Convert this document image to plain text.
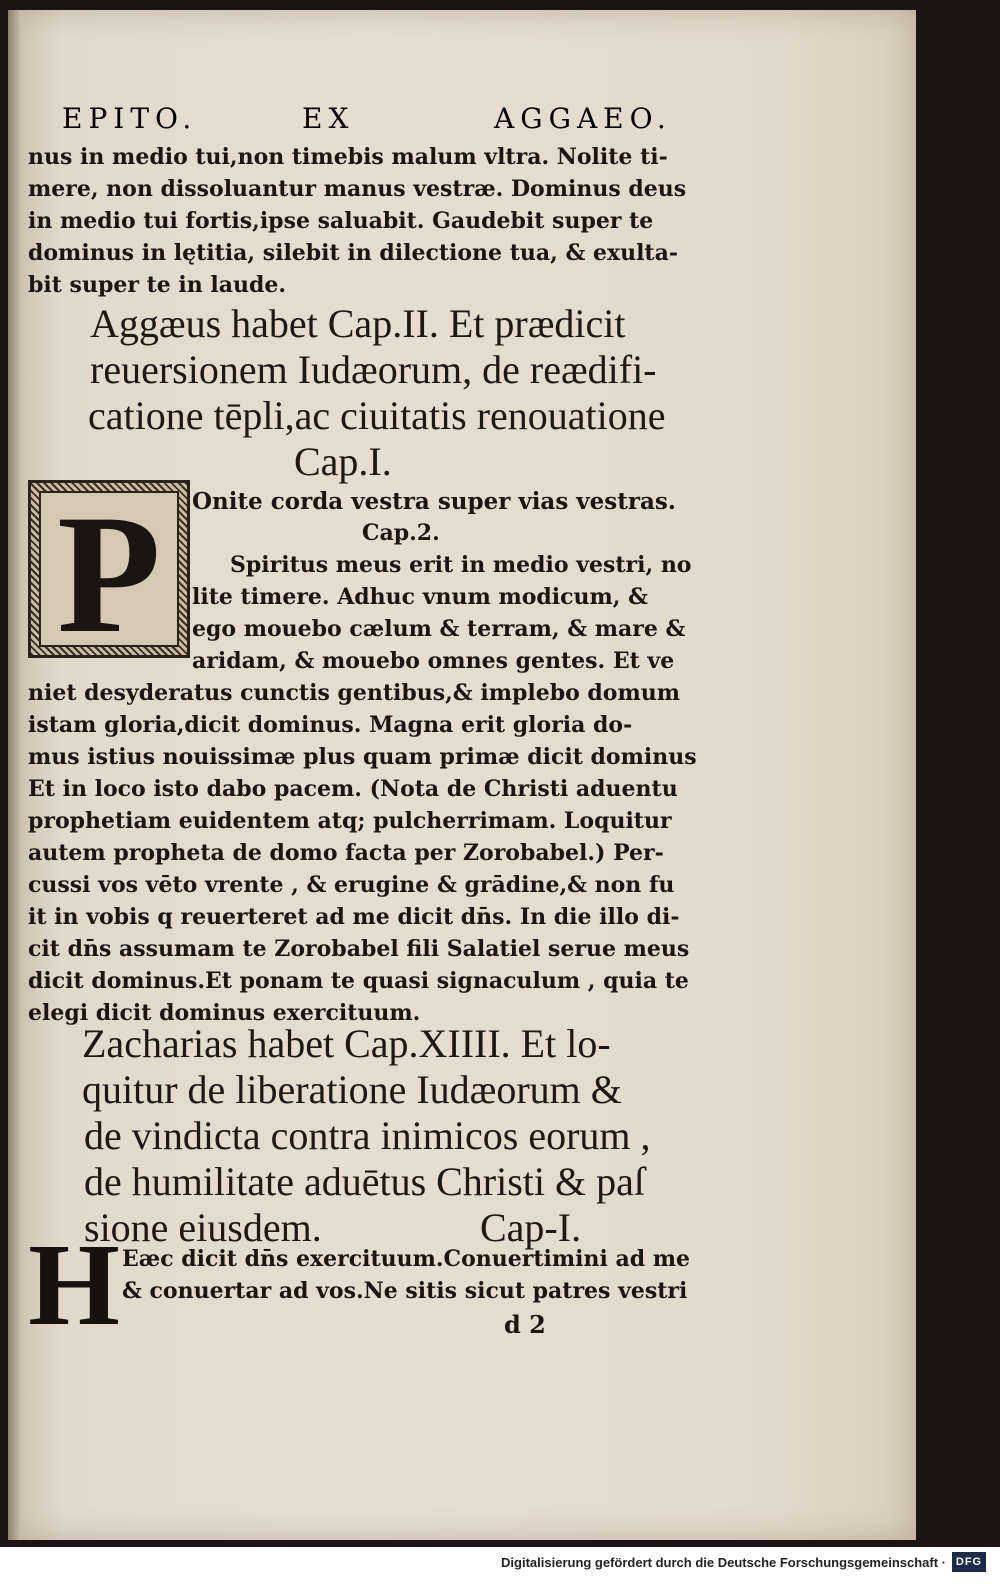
EPITO.	EX	AGGAEO.
nus in medio tui,non timebis malum vltra. Nolite ti-
mere, non dissoluantur manus vestræ. Dominus deus
in medio tui fortis,ipse saluabit. Gaudebit super te
dominus in lętitia, silebit in dilectione tua, & exulta-
bit super te in laude.
Aggæus habet Cap.II. Et prædicit
reuersionem Iudæorum, de reædifi-
catione tēpli,ac ciuitatis renouatione
Cap.I.
P	Onite corda vestra super vias vestras.
Cap.2.
Spiritus meus erit in medio vestri, no
lite timere. Adhuc vnum modicum, &
ego mouebo cælum & terram, & mare &
aridam, & mouebo omnes gentes. Et ve
niet desyderatus cunctis gentibus,& implebo domum
istam gloria,dicit dominus. Magna erit gloria do-
mus istius nouissimæ plus quam primæ dicit dominus
Et in loco isto dabo pacem. (Nota de Christi aduentu
prophetiam euidentem atq; pulcherrimam. Loquitur
autem propheta de domo facta per Zorobabel.) Per-
cussi vos vēto vrente , & erugine & grādine,& non fu
it in vobis q reuerteret ad me dicit dn̄s. In die illo di-
cit dn̄s assumam te Zorobabel fili Salatiel serue meus
dicit dominus.Et ponam te quasi signaculum , quia te
elegi dicit dominus exercituum.
Zacharias habet Cap.XIIII. Et lo-
quitur de liberatione Iudæorum &
de vindicta contra inimicos eorum ,
de humilitate aduētus Christi & paſ
sione eiusdem.	Cap-I.
H Eæc dicit dn̄s exercituum.Conuertimini ad me
& conuertar ad vos.Ne sitis sicut patres vestri
d 2
Digitalisierung gefördert durch die Deutsche Forschungsgemeinschaft · DFG
